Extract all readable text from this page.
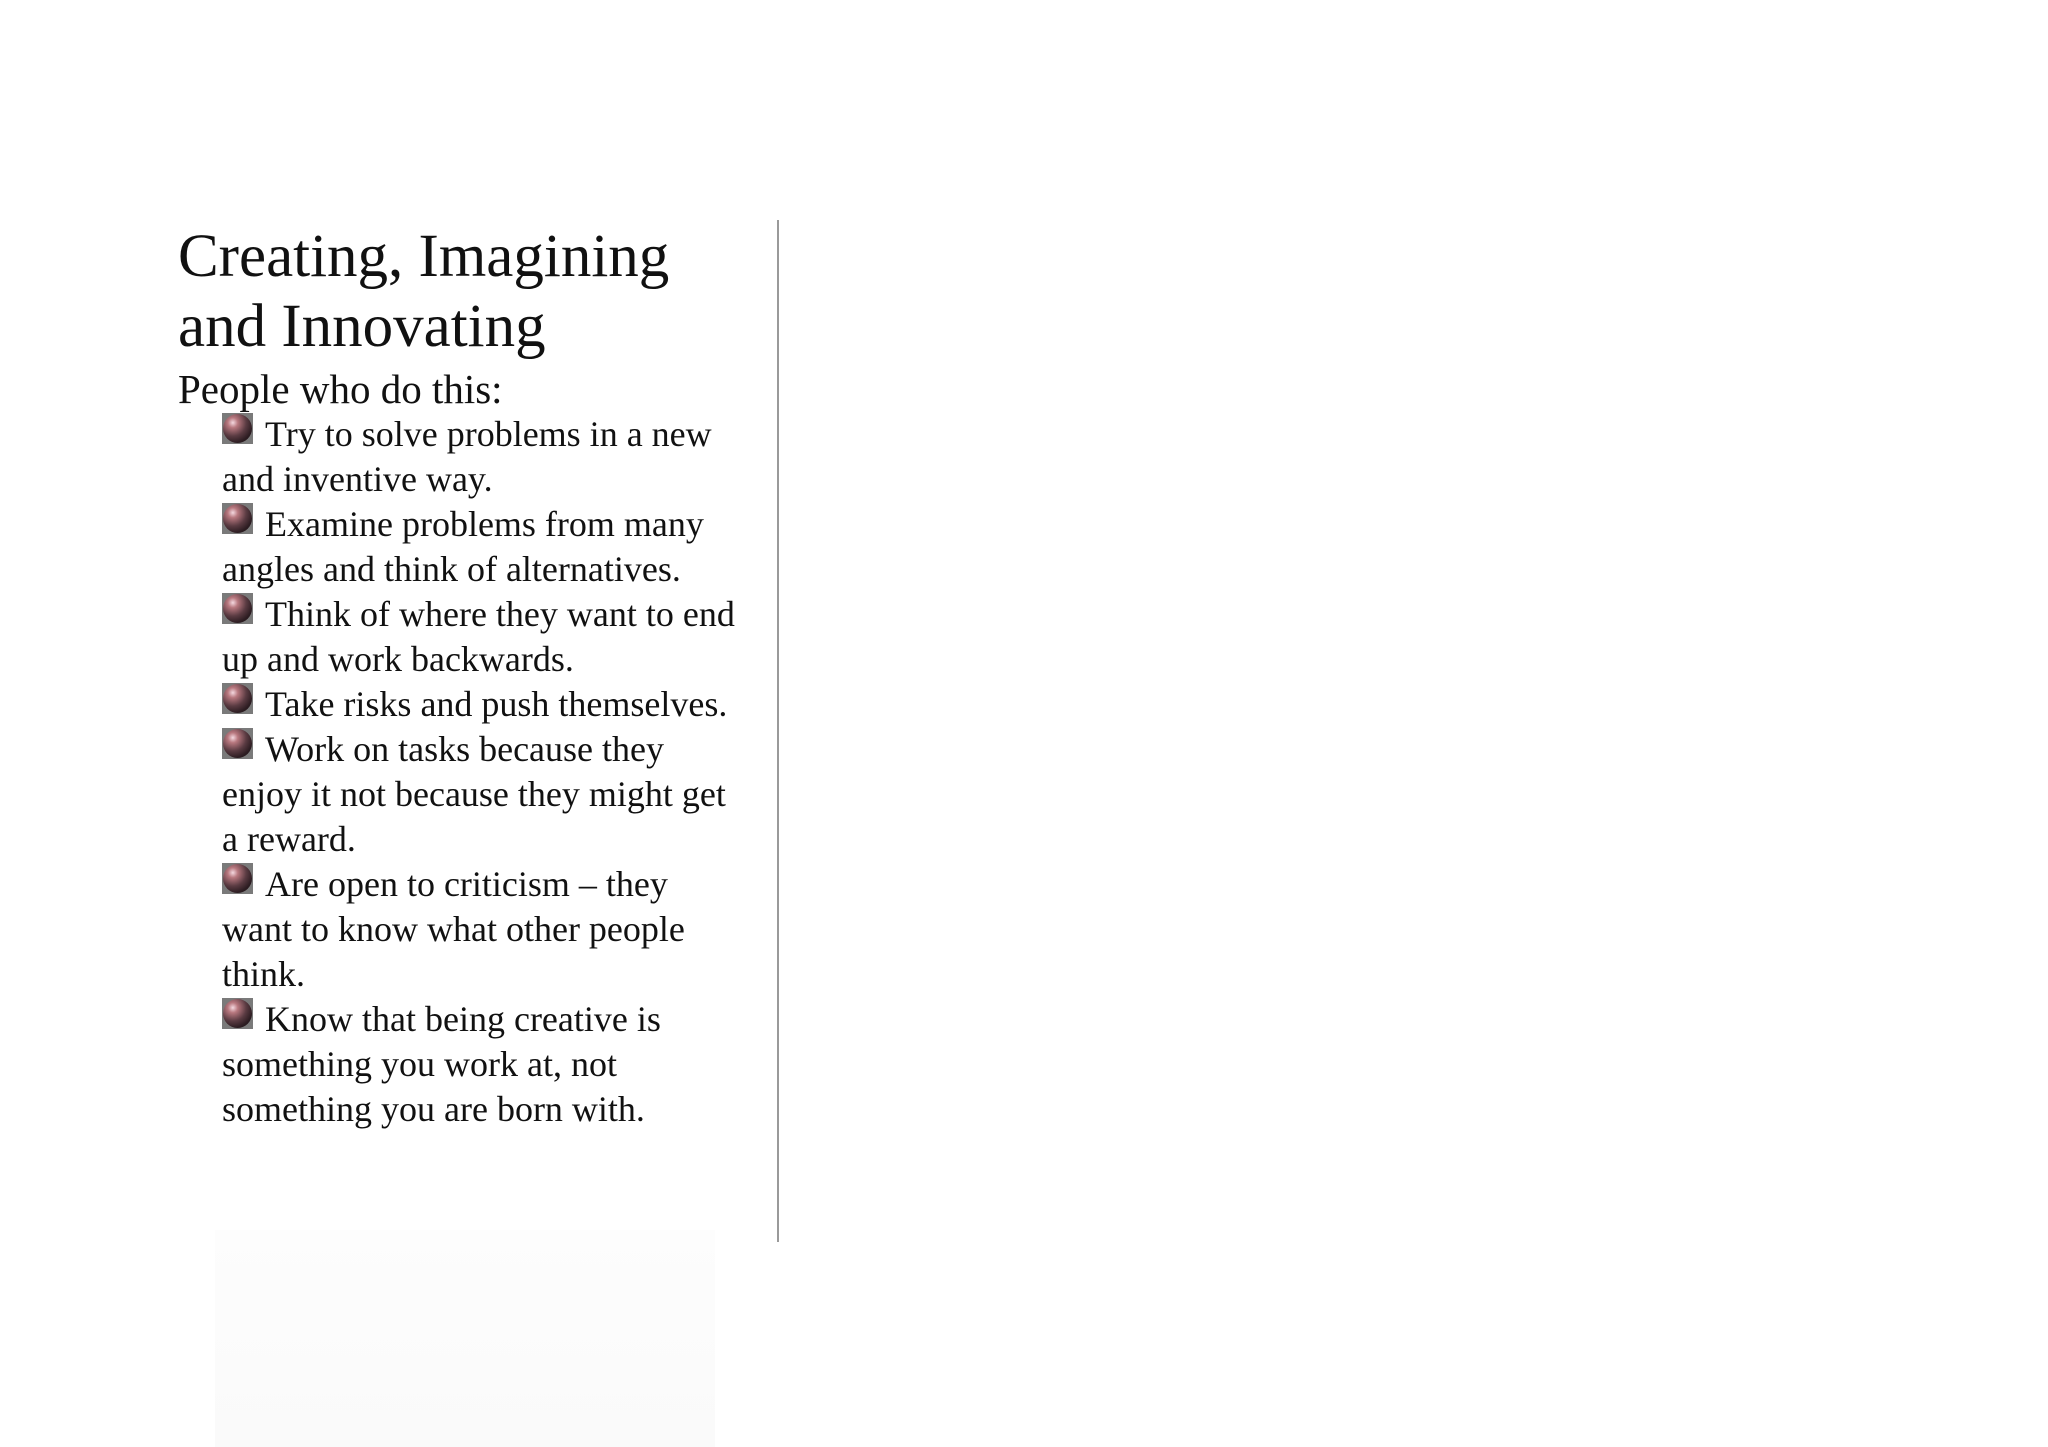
Creating, Imagining
and Innovating

People who do this:

Try to solve problems in a new and inventive way.
Examine problems from many angles and think of alternatives.
Think of where they want to end up and work backwards.
Take risks and push themselves.
Work on tasks because they enjoy it not because they might get a reward.
Are open to criticism – they want to know what other people think.
Know that being creative is something you work at, not something you are born with.
